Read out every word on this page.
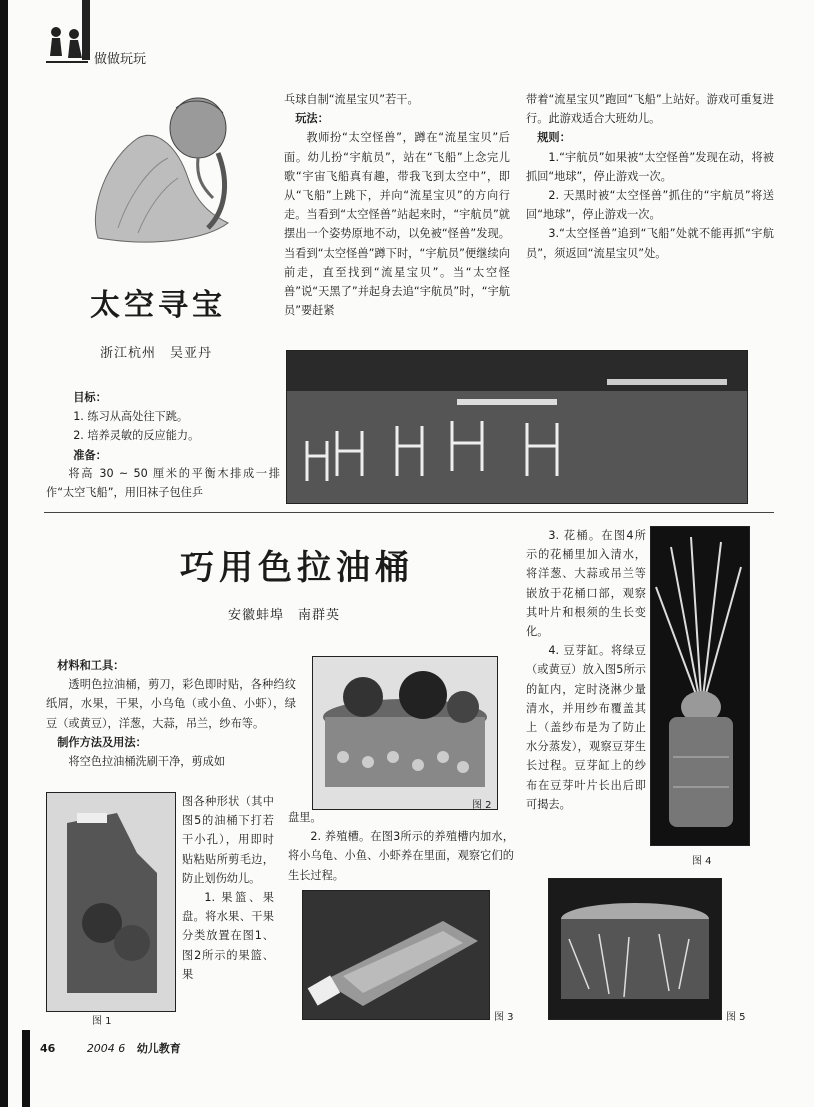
做做玩玩
太空寻宝
浙江杭州　吴亚丹

目标：

1. 练习从高处往下跳。

2. 培养灵敏的反应能力。

准备：

将高 30 ~ 50 厘米的平衡木排成一排作“太空飞船”，用旧袜子包住乒

乓球自制“流星宝贝”若干。

玩法：

教师扮“太空怪兽”，蹲在“流星宝贝”后面。幼儿扮“宇航员”，站在“飞船”上念完儿歌“宇宙飞船真有趣，带我飞到太空中”，即从“飞船”上跳下，并向“流星宝贝”的方向行走。当看到“太空怪兽”站起来时，“宇航员”就摆出一个姿势原地不动，以免被“怪兽”发现。当看到“太空怪兽”蹲下时，“宇航员”便继续向前走，直至找到“流星宝贝”。当“太空怪兽”说“天黑了”并起身去追“宇航员”时，“宇航员”要赶紧

带着“流星宝贝”跑回“飞船”上站好。游戏可重复进行。此游戏适合大班幼儿。

规则：

1.“宇航员”如果被“太空怪兽”发现在动，将被抓回“地球”，停止游戏一次。

2. 天黑时被“太空怪兽”抓住的“宇航员”将送回“地球”，停止游戏一次。

3.“太空怪兽”追到“飞船”处就不能再抓“宇航员”，须返回“流星宝贝”处。

巧用色拉油桶
安徽蚌埠　南群英

材料和工具：

透明色拉油桶，剪刀，彩色即时贴，各种绉纹纸屑，水果，干果，小乌龟（或小鱼、小虾），绿豆（或黄豆），洋葱，大蒜，吊兰，纱布等。

制作方法及用法：

将空色拉油桶洗刷干净，剪成如

图 1

图各种形状（其中图5的油桶下打若干小孔），用即时贴粘贴所剪毛边，防止划伤幼儿。

1. 果篮、果盘。将水果、干果分类放置在图1、图2所示的果篮、果

图 2

盘里。

2. 养殖槽。在图3所示的养殖槽内加水，将小乌龟、小鱼、小虾养在里面，观察它们的生长过程。

图 3

3. 花桶。在图4所示的花桶里加入清水，将洋葱、大蒜或吊兰等嵌放于花桶口部，观察其叶片和根须的生长变化。

4. 豆芽缸。将绿豆（或黄豆）放入图5所示的缸内，定时浇淋少量清水，并用纱布覆盖其上（盖纱布是为了防止水分蒸发），观察豆芽生长过程。豆芽缸上的纱布在豆芽叶片长出后即可揭去。

图 4
图 5
46	2004 6 幼儿教育
